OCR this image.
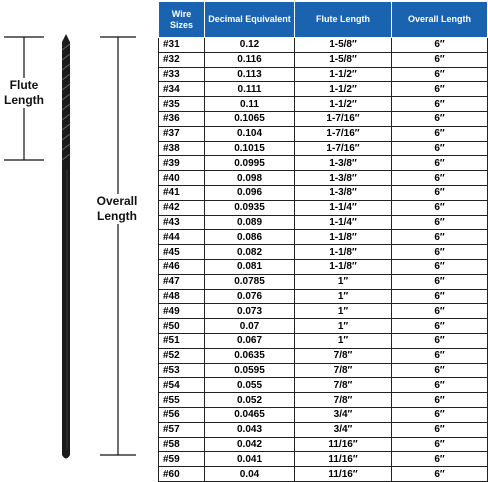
Flute Length
Overall Length
Wire Sizes	Decimal Equivalent	Flute Length	Overall Length
#31	0.12	1-5/8″	6″
#32	0.116	1-5/8″	6″
#33	0.113	1-1/2″	6″
#34	0.111	1-1/2″	6″
#35	0.11	1-1/2″	6″
#36	0.1065	1-7/16″	6″
#37	0.104	1-7/16″	6″
#38	0.1015	1-7/16″	6″
#39	0.0995	1-3/8″	6″
#40	0.098	1-3/8″	6″
#41	0.096	1-3/8″	6″
#42	0.0935	1-1/4″	6″
#43	0.089	1-1/4″	6″
#44	0.086	1-1/8″	6″
#45	0.082	1-1/8″	6″
#46	0.081	1-1/8″	6″
#47	0.0785	1″	6″
#48	0.076	1″	6″
#49	0.073	1″	6″
#50	0.07	1″	6″
#51	0.067	1″	6″
#52	0.0635	7/8″	6″
#53	0.0595	7/8″	6″
#54	0.055	7/8″	6″
#55	0.052	7/8″	6″
#56	0.0465	3/4″	6″
#57	0.043	3/4″	6″
#58	0.042	11/16″	6″
#59	0.041	11/16″	6″
#60	0.04	11/16″	6″
